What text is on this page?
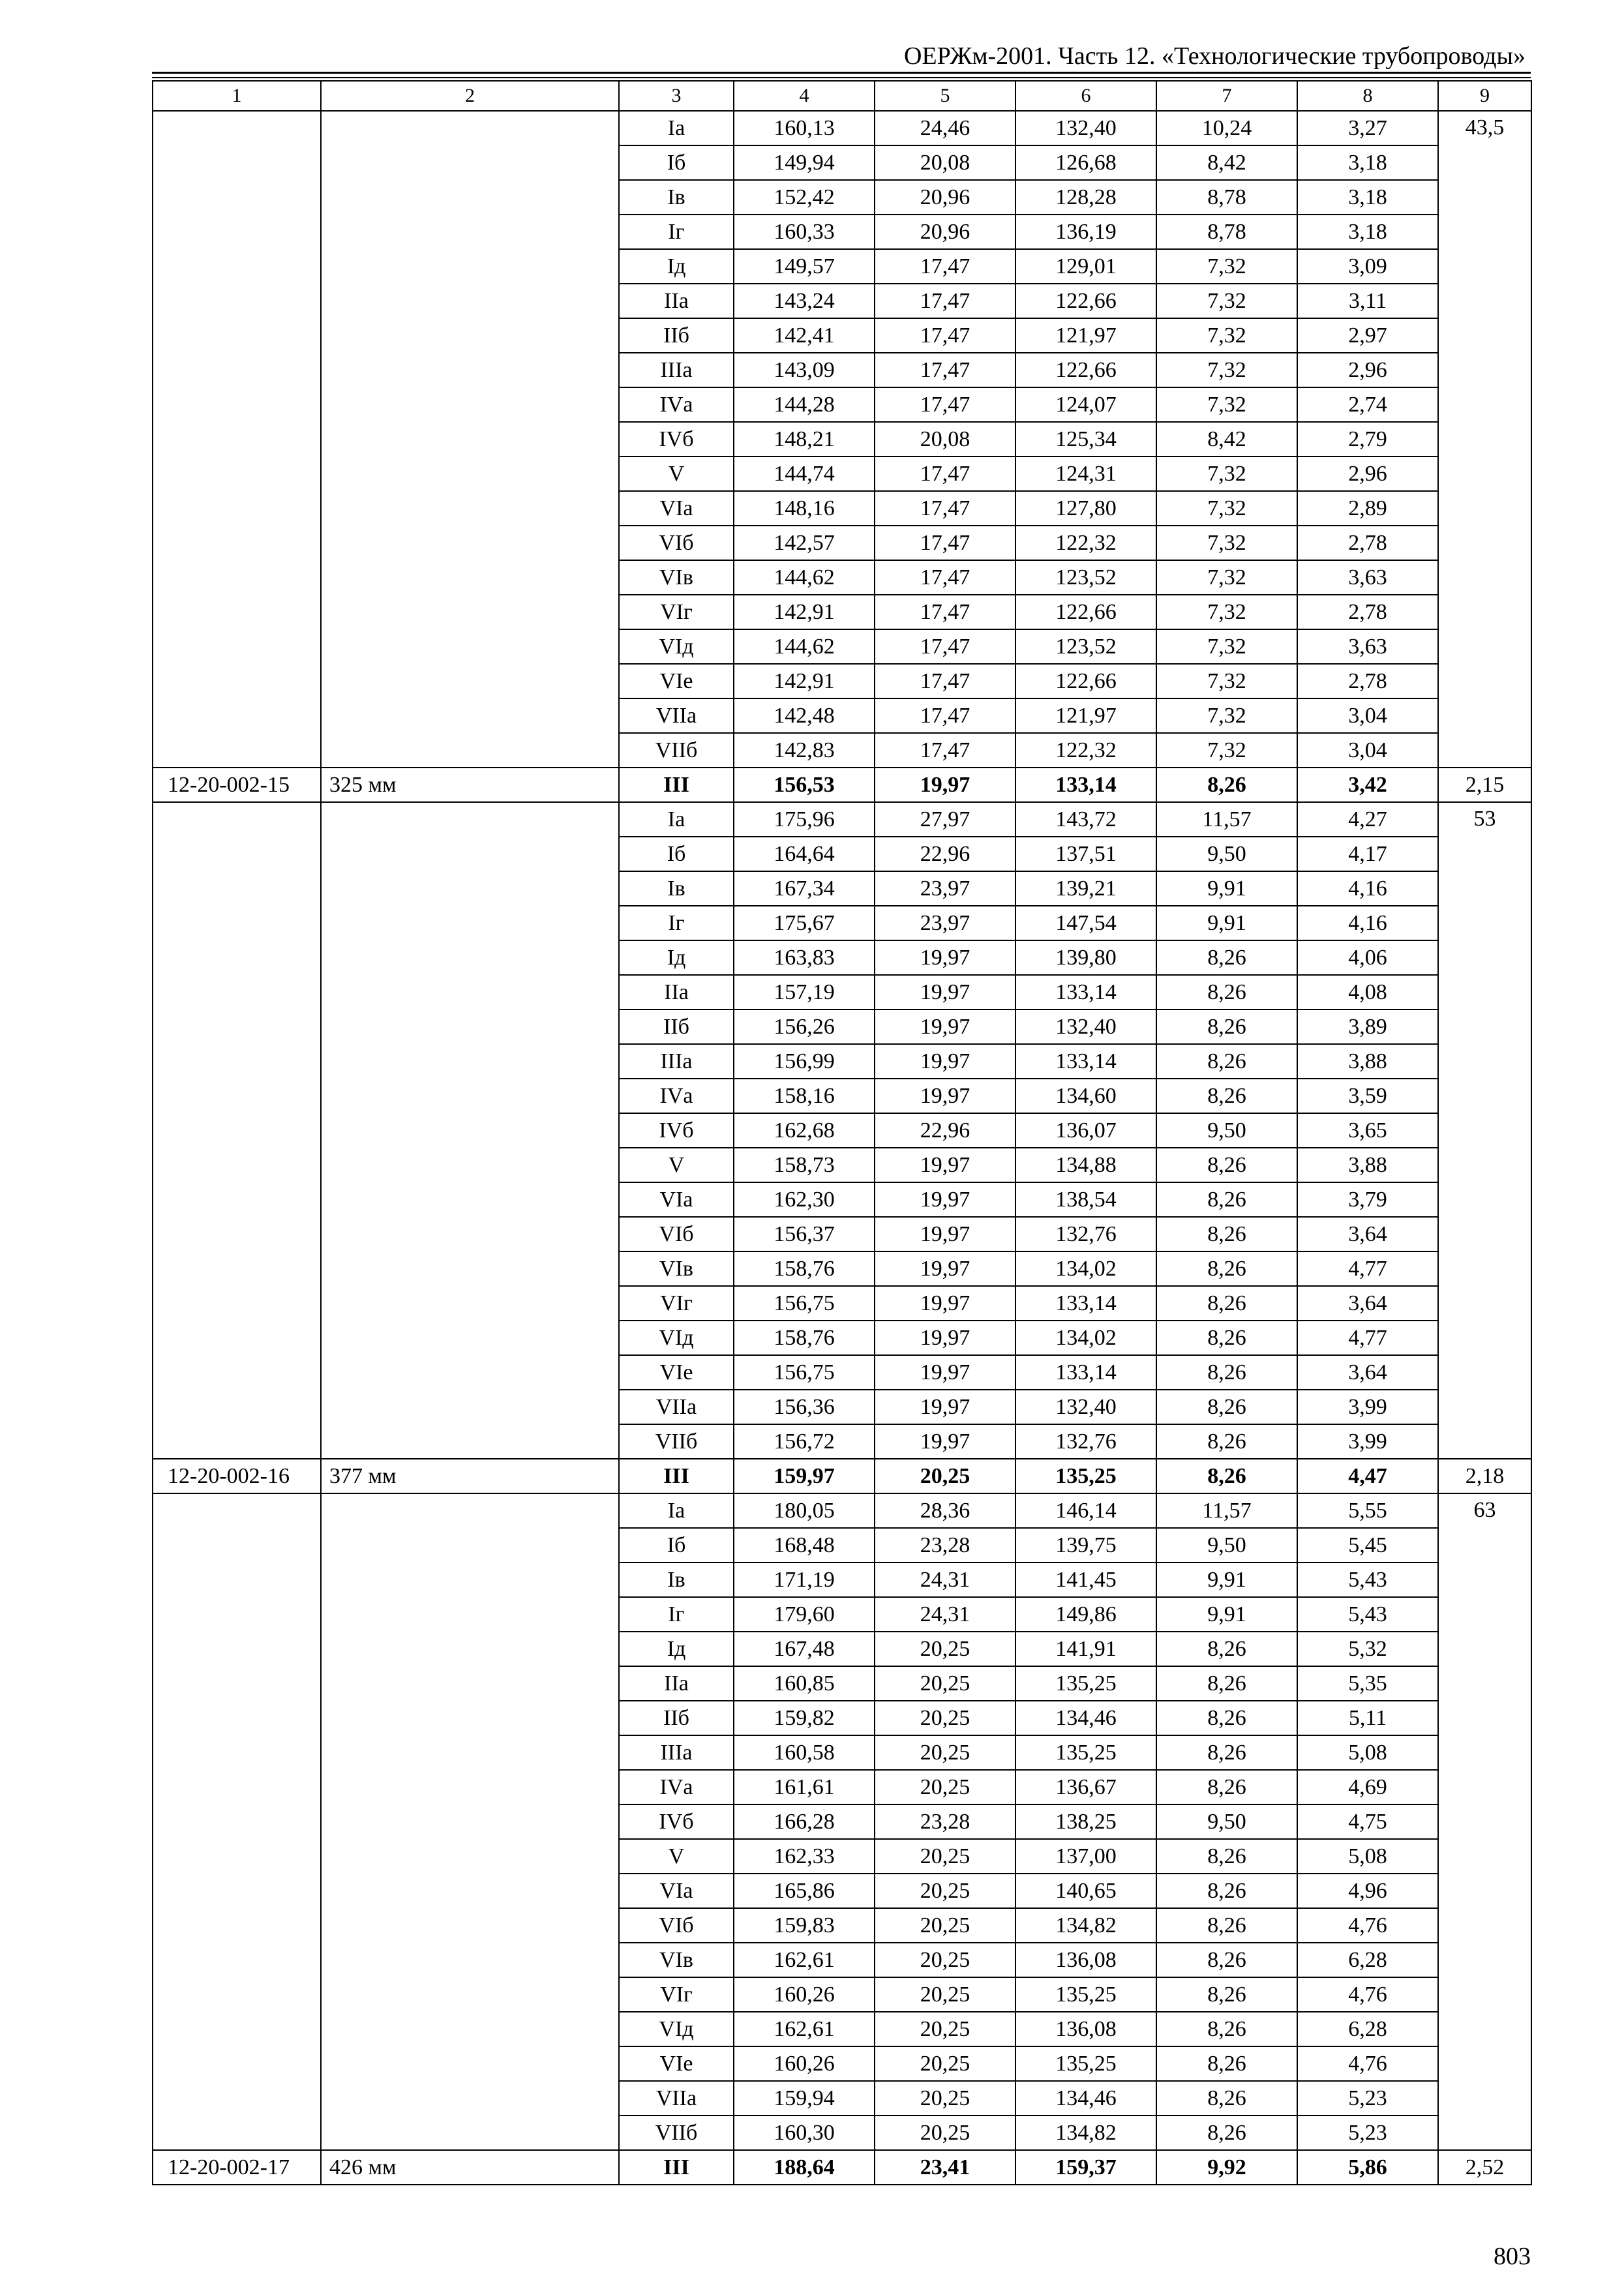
ОЕРЖм-2001. Часть 12. «Технологические трубопроводы»
1	2	3	4	5	6	7	8	9
		Iа	160,13	24,46	132,40	10,24	3,27	43,5
		Iб	149,94	20,08	126,68	8,42	3,18	
		Iв	152,42	20,96	128,28	8,78	3,18	
		Iг	160,33	20,96	136,19	8,78	3,18	
		Iд	149,57	17,47	129,01	7,32	3,09	
		IIа	143,24	17,47	122,66	7,32	3,11	
		IIб	142,41	17,47	121,97	7,32	2,97	
		IIIа	143,09	17,47	122,66	7,32	2,96	
		IVа	144,28	17,47	124,07	7,32	2,74	
		IVб	148,21	20,08	125,34	8,42	2,79	
		V	144,74	17,47	124,31	7,32	2,96	
		VIа	148,16	17,47	127,80	7,32	2,89	
		VIб	142,57	17,47	122,32	7,32	2,78	
		VIв	144,62	17,47	123,52	7,32	3,63	
		VIг	142,91	17,47	122,66	7,32	2,78	
		VIд	144,62	17,47	123,52	7,32	3,63	
		VIе	142,91	17,47	122,66	7,32	2,78	
		VIIа	142,48	17,47	121,97	7,32	3,04	
		VIIб	142,83	17,47	122,32	7,32	3,04	
12-20-002-15	325 мм	III	156,53	19,97	133,14	8,26	3,42	2,15
		Iа	175,96	27,97	143,72	11,57	4,27	53
		Iб	164,64	22,96	137,51	9,50	4,17	
		Iв	167,34	23,97	139,21	9,91	4,16	
		Iг	175,67	23,97	147,54	9,91	4,16	
		Iд	163,83	19,97	139,80	8,26	4,06	
		IIа	157,19	19,97	133,14	8,26	4,08	
		IIб	156,26	19,97	132,40	8,26	3,89	
		IIIа	156,99	19,97	133,14	8,26	3,88	
		IVа	158,16	19,97	134,60	8,26	3,59	
		IVб	162,68	22,96	136,07	9,50	3,65	
		V	158,73	19,97	134,88	8,26	3,88	
		VIа	162,30	19,97	138,54	8,26	3,79	
		VIб	156,37	19,97	132,76	8,26	3,64	
		VIв	158,76	19,97	134,02	8,26	4,77	
		VIг	156,75	19,97	133,14	8,26	3,64	
		VIд	158,76	19,97	134,02	8,26	4,77	
		VIе	156,75	19,97	133,14	8,26	3,64	
		VIIа	156,36	19,97	132,40	8,26	3,99	
		VIIб	156,72	19,97	132,76	8,26	3,99	
12-20-002-16	377 мм	III	159,97	20,25	135,25	8,26	4,47	2,18
		Iа	180,05	28,36	146,14	11,57	5,55	63
		Iб	168,48	23,28	139,75	9,50	5,45	
		Iв	171,19	24,31	141,45	9,91	5,43	
		Iг	179,60	24,31	149,86	9,91	5,43	
		Iд	167,48	20,25	141,91	8,26	5,32	
		IIа	160,85	20,25	135,25	8,26	5,35	
		IIб	159,82	20,25	134,46	8,26	5,11	
		IIIа	160,58	20,25	135,25	8,26	5,08	
		IVа	161,61	20,25	136,67	8,26	4,69	
		IVб	166,28	23,28	138,25	9,50	4,75	
		V	162,33	20,25	137,00	8,26	5,08	
		VIа	165,86	20,25	140,65	8,26	4,96	
		VIб	159,83	20,25	134,82	8,26	4,76	
		VIв	162,61	20,25	136,08	8,26	6,28	
		VIг	160,26	20,25	135,25	8,26	4,76	
		VIд	162,61	20,25	136,08	8,26	6,28	
		VIе	160,26	20,25	135,25	8,26	4,76	
		VIIа	159,94	20,25	134,46	8,26	5,23	
		VIIб	160,30	20,25	134,82	8,26	5,23	
12-20-002-17	426 мм	III	188,64	23,41	159,37	9,92	5,86	2,52
803
